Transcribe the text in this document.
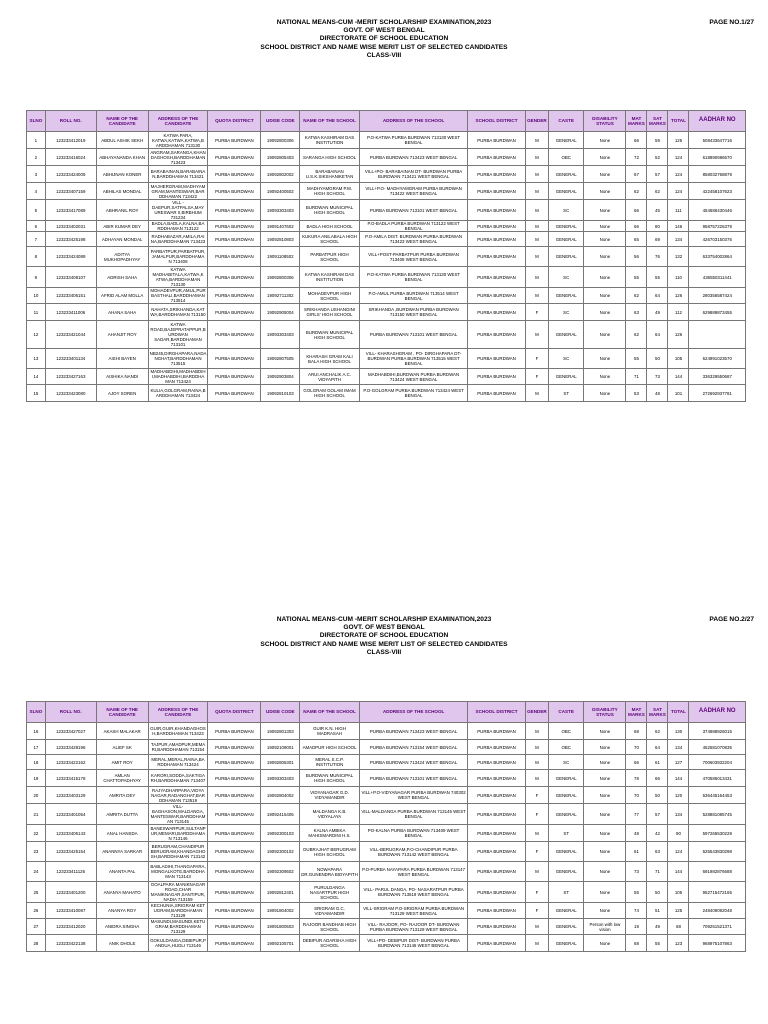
PAGE NO.1/27
NATIONAL MEANS-CUM -MERIT SCHOLARSHIP EXAMINATION,2023
GOVT. OF WEST BENGAL
DIRECTORATE OF SCHOOL EDUCATION
SCHOOL DISTRICT AND NAME WISE MERIT LIST OF SELECTED CANDIDATES
CLASS-VIII
SLNO	ROLL NO.	NAME OF THE CANDIDATE	ADDRESS OF THE CANDIDATE	QUOTA DISTRICT	UDISE CODE	NAME OF THE SCHOOL	ADDRESS OF THE SCHOOL	SCHOOL DISTRICT	GENDER	CASTE	DISABILITY STATUS	MAT MARKS	SAT MARKS	TOTAL	AADHAR NO
1	123233412019	ABDUL ASHIK SEKH	KATWA PARA, KATWA,KATWA,KATWA,B ARDDHAMAN 713130	PURBA BURDWAN	19092800306	KATWA KASHIRAM DAS INSTITUTION	P.O-KATWA PURBA BURDWAN 713130 WEST BENGAL	PURBA BURDWAN	M	GENERAL	None	66	59	125	508433647716
2	123233416024	ABHAYANANDA KHAN	ANGRAM,SARANGA,KHAN DAGHOSH,BARDDHAMAN 713423	PURBA BURDWAN	19092805403	SARANGA HIGH SCHOOL	PURBA BURDWAN 713423 WEST BENGAL	PURBA BURDWAN	M	OBC	None	72	52	124	618890696670
3	123233424005	ABHIJNAN KONER	BARABAINAN,BARABAINA N,BARDDHAMAN 713421	PURBA BURDWAN	19092802002	BARABAINAN U.S.K.SIKSHANIKETAN	VILL+PO- BARABAINAN DT- BURDWAN PURBA BURDWAN 713421 WEST BENGAL	PURBA BURDWAN	M	GENERAL	None	67	57	124	858032768879
4	123233407159	ABHILAS MONDAL	MAJHERGRAM,MADHYAM GRAM,MANTESWAR,BAR DDHAMAN 713422	PURBA BURDWAN	19092400502	MADHYAMGRAM P.M. HIGH SCHOOL	VILL+P.O- MADHYAMGRAM PURBA BURDWAN 713422 WEST BENGAL	PURBA BURDWAN	M	GENERAL	None	62	62	124	422458107623
5	123233417089	ABHRANIL ROY	VILL - DAEPUR,SATPALSA,MAY URESWAR II,BIRBHUM 731234	PURBA BURDWAN	19093303403	BURDWAN MUNICIPAL HIGH SCHOOL	PURBA BURDWAN 713101 WEST BENGAL	PURBA BURDWAN	M	SC	None	66	45	111	454686430446
6	123233402031	ABIR KUMAR DEY	BADLA,BADLA,KALNA,BA RDDHAMAN 713122	PURBA BURDWAN	19091407602	BADLA HIGH SCHOOL	P.O-BADLA PURBA BURDWAN 713122 WEST BENGAL	PURBA BURDWAN	M	GENERAL	None	66	80	146	958757226379
7	123233425198	ADHAYAN MONDAL	RADHABAZAR,AMILA,RAI NA,BARDDHAMAN 713423	PURBA BURDWAN	19092810803	KUKURA ANILABALA HIGH SCHOOL	P.O-AMILA DIST. BURDWAN PURBA BURDWAN 713423 WEST BENGAL	PURBA BURDWAN	M	GENERAL	None	65	69	134	426703150376
8	123233424089	ADITYA MUKHOPADHYAY	PARBATPUR,PARBATPUR, JAMALPUR,BARDDHAMA N 713408	PURBA BURDWAN	19091108502	PARBATPUR HIGH SCHOOL	VILL+POST-PARBATPUR PURBA BURDWAN 713408 WEST BENGAL	PURBA BURDWAN	M	GENERAL	None	56	76	132	633754002864
9	123233408107	ADRISH SAHA	KATWA MADHABITALA,KATWA,K ATWA,BARDDHAMAN 713130	PURBA BURDWAN	19092800306	KATWA KASHIRAM DAS INSTITUTION	P.O-KATWA PURBA BURDWAN 713130 WEST BENGAL	PURBA BURDWAN	M	SC	None	55	55	110	436550311441
10	123233406151	AFRID ALAM MOLLA	MOHADEVPUR,AMUL,PUR BASTHALI,BARDDHAMAN 713514	PURBA BURDWAN	19092711302	MOHADEVPUR HIGH SCHOOL	P.O-AMUL PURBA BURDWAN 713514 WEST BENGAL	PURBA BURDWAN	M	GENERAL	None	62	64	126	280356587424
11	123233411006	AHANA SAHA	NAHATA,SRIKHANDA,KAT WA,BARDDHAMAN 713150	PURBA BURDWAN	19092905004	SRIKHANDA USHANGINI GIRLS' HIGH SCHOOL	SRIKHANDA ,BURDWAN PURBA BURDWAN 713150 WEST BENGAL	PURBA BURDWAN	F	SC	None	63	49	112	629889873455
12	123233421044	AHANJIT ROY	KATWA ROAD,BAJEPRATAPPUR,B URDWAN SADAR,BARDDHAMAN 713101	PURBA BURDWAN	19093303403	BURDWAN MUNICIPAL HIGH SCHOOL	PURBA BURDWAN 713101 WEST BENGAL	PURBA BURDWAN	M	GENERAL	None	62	64	126	
13	123233401134	AISHI BAYEN	NB245,DIRGHAPARA,NADA NGHAT,BARDDHAMAN 713515	PURBA BURDWAN	19092807505	KHARASH GRAM KALI BALA HIGH SCHOOL	VILL- KHARASHGRAM , PO- DIRGHAPARA DT- BURDWAN PURBA BURDWAN 713515 WEST BENGAL	PURBA BURDWAN	F	SC	None	55	50	105	624991023570
14	123233427163	AISHIKA NANDI	MADHABDIHI,MADHABDIH I,MADHABDIHI,BARDDHA MAN 713424	PURBA BURDWAN	19092903804	ARUI ANCHALIK A.C. VIDYAPITH	MADHABDIHI,BURDWAN PURBA BURDWAN 713424 WEST BENGAL	PURBA BURDWAN	F	GENERAL	None	71	73	144	336329550687
15	123233423080	AJOY SOREN	KULIA,GOLGRAM,RAINA,B ARDDHAMAN 713424	PURBA BURDWAN	19092810103	GOLGRAM GOLAM IMAM HIGH SCHOOL	P.O-GOLGRAM PURBA BURDWAN 713424 WEST BENGAL	PURBA BURDWAN	M	ST	None	53	48	101	272692937781
PAGE NO.2/27
NATIONAL MEANS-CUM -MERIT SCHOLARSHIP EXAMINATION,2023
GOVT. OF WEST BENGAL
DIRECTORATE OF SCHOOL EDUCATION
SCHOOL DISTRICT AND NAME WISE MERIT LIST OF SELECTED CANDIDATES
CLASS-VIII
SLNO	ROLL NO.	NAME OF THE CANDIDATE	ADDRESS OF THE CANDIDATE	QUOTA DISTRICT	UDISE CODE	NAME OF THE SCHOOL	ADDRESS OF THE SCHOOL	SCHOOL DISTRICT	GENDER	CASTE	DISABILITY STATUS	MAT MARKS	SAT MARKS	TOTAL	AADHAR NO
16	123233427027	AKASH MALAKAR	GUIR,GUIR,KHANDAGHOS H,BARDDHAMAN 713423	PURBA BURDWAN	19092801303	GUIR K.N. HIGH MADRASAH	PURBA BURDWAN 713423 WEST BENGAL	PURBA BURDWAN	M	OBC	None	68	62	130	374988926015
17	123233428196	ALIEF SK	TAJPUR,AMADPUR,MEMA RI,BARDDHAMAN 713154	PURBA BURDWAN	19092109001	AMADPUR HIGH SCHOOL	PURBA BURDWAN 713154 WEST BENGAL	PURBA BURDWAN	M	OBC	None	70	64	134	452581070835
18	123233422162	AMIT ROY	MERAL,MERAL,RAINA,BA RDDHAMAN 713424	PURBA BURDWAN	19092805301	MERAL S.C.P. INSTITUTION	PURBA BURDWAN 713424 WEST BENGAL	PURBA BURDWAN	M	SC	None	66	61	127	700603932204
19	123233415178	AMLAN CHATTOPADHYAY	KARORI,SODDA,SAKTIGA RH,BARDDHAMAN 713407	PURBA BURDWAN	19093303403	BURDWAN MUNICIPAL HIGH SCHOOL	PURBA BURDWAN 713101 WEST BENGAL	PURBA BURDWAN	M	GENERAL	None	78	66	144	470586013431
20	123233403129	AMRITA DEY	RAJYADHARPARA,VIDYA NAGAR,RADANGHAT,BAR DDHAMAN 713519	PURBA BURDWAN	19092804002	VIDYANAGAR G.D. VIDYAMANDIR	VILL+P.O-VIDYANAGAR PURBA BURDWAN 740302 WEST BENGAL	PURBA BURDWAN	F	GENERAL	None	70	50	120	636445164453
21	123233401054	AMRITA DUTTA	VILL- BAGHASON,MALDANGA, MANTESWAR,BARDDHAM AN 713145	PURBA BURDWAN	19092415405	MALDANGA K.B. VIDYALAYA	VILL-MALDANGA PURBA BURDWAN 713145 WEST BENGAL	PURBA BURDWAN	F	GENERAL	None	77	57	134	528881085745
22	123233405143	ANAL HANSDA	BANESWARPUR,SULTANP UR,MEMARI,BARDDHAMA N 713146	PURBA BURDWAN	19092300103	KALNA AMBIKA MAHISMARDINI H.S.	PO-KALNA PURBA BURDWAN 713409 WEST BENGAL	PURBA BURDWAN	M	ST	None	48	42	90	597265530229
23	123233425154	ANANNYA SARKAR	BERUGRAM,CHANDIPUR BERUGRAM,KHANDAGHO SH,BARDDHAMAN 713142	PURBA BURDWAN	19092300102	DUBRAJHAT BERUGRAM HIGH SCHOOL	VILL-BERUGRAM,P.O-CHANDIPUR PURBA BURDWAN 713142 WEST BENGAL	PURBA BURDWAN	F	GENERAL	None	61	63	124	625543830298
24	123233411126	ANANTA PAL	BABLADIHI,THANGAPARA, MONGALKOTE,BARDDHA MAN 713143	PURBA BURDWAN	19092309502	NOWAPARA DR.GUNENDRA BIDYAPITH	P.O-PURBA NAYAPARA PURBA BURDWAN 713147 WEST BENGAL	PURBA BURDWAN	M	GENERAL	None	73	71	144	691982876688
25	123233401200	ANANYA MAHATO	GOALPARA MANIKNAGAR ROAD,CHAR MANIKNAGAR,SANTIPUR, NADIA 713159	PURBA BURDWAN	19092812401	PURULDANGA NASARTPUR HIGH SCHOOL	VILL- PARUL DANGA, PO- NASARATPUR PURBA BURDWAN 713519 WEST BENGAL	PURBA BURDWAN	F	ST	None	55	50	105	952715472165
26	123233410087	ANANYA ROY	KECHUNIA,SRIGRAM KET UGRAM,BARDDHAMAN 713129	PURBA BURDWAN	19091804002	SRIGRAM G.C. VIDYAMANDIR	VILL-SRIGRAM P.O-SRIGRAM PURBA BURDWAN 713129 WEST BENGAL	PURBA BURDWAN	F	GENERAL	None	74	51	125	248409092048
27	123233412020	ANIDRA SINGHA	MASUNDI,MASUNDI,KETU GRAM,BARDDHAMAN 713129	PURBA BURDWAN	19091800503	RAJOOR BANDHAB HIGH SCHOOL	VILL- RAJOOR, PO- RAJOOR DT- BURDWAN PURBA BURDWAN 713129 WEST BENGAL	PURBA BURDWAN	M	GENERAL	Person with low vision	19	49	68	709251521371
28	123233422138	ANIK DHOLE	GOKULDANGA,DEBIPUR,P ANDUA,HUGLI 713146	PURBA BURDWAN	19092105701	DEBIPUR ADARSHA HIGH SCHOOL	VILL+PO- DEBIPUR DIST- BURDWAN PURBA BURDWAN 713146 WEST BENGAL	PURBA BURDWAN	M	GENERAL	None	68	55	123	968975107863
